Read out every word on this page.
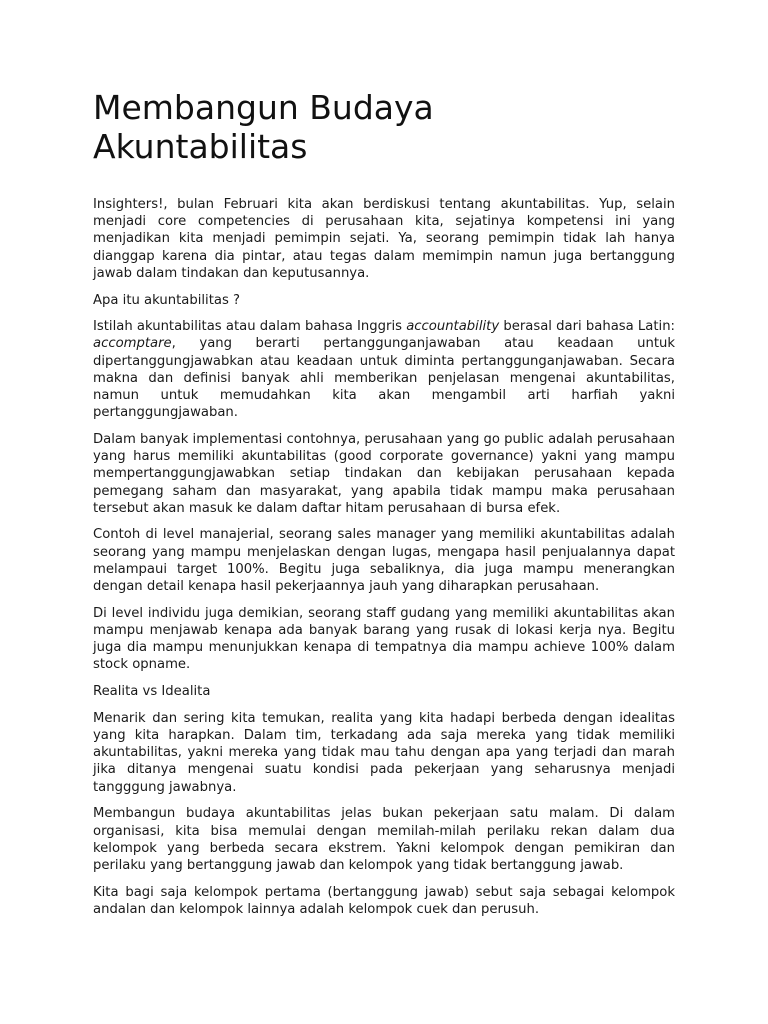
Membangun Budaya
Akuntabilitas

Insighters!, bulan Februari kita akan berdiskusi tentang akuntabilitas. Yup, selain menjadi core competencies di perusahaan kita, sejatinya kompetensi ini yang menjadikan kita menjadi pemimpin sejati. Ya, seorang pemimpin tidak lah hanya dianggap karena dia pintar, atau tegas dalam memimpin namun juga bertanggung jawab dalam tindakan dan keputusannya.

Apa itu akuntabilitas ?

Istilah akuntabilitas atau dalam bahasa Inggris accountability berasal dari bahasa Latin: accomptare, yang berarti pertanggunganjawaban atau keadaan untuk dipertanggungjawabkan atau keadaan untuk diminta pertanggunganjawaban. Secara makna dan definisi banyak ahli memberikan penjelasan mengenai akuntabilitas, namun untuk memudahkan kita akan mengambil arti harfiah yakni pertanggungjawaban.

Dalam banyak implementasi contohnya, perusahaan yang go public adalah perusahaan yang harus memiliki akuntabilitas (good corporate governance) yakni yang mampu mempertanggungjawabkan setiap tindakan dan kebijakan perusahaan kepada pemegang saham dan masyarakat, yang apabila tidak mampu maka perusahaan tersebut akan masuk ke dalam daftar hitam perusahaan di bursa efek.

Contoh di level manajerial, seorang sales manager yang memiliki akuntabilitas adalah seorang yang mampu menjelaskan dengan lugas, mengapa hasil penjualannya dapat melampaui target 100%. Begitu juga sebaliknya, dia juga mampu menerangkan dengan detail kenapa hasil pekerjaannya jauh yang diharapkan perusahaan.

Di level individu juga demikian, seorang staff gudang yang memiliki akuntabilitas akan mampu menjawab kenapa ada banyak barang yang rusak di lokasi kerja nya. Begitu juga dia mampu menunjukkan kenapa di tempatnya dia mampu achieve 100% dalam stock opname.

Realita vs Idealita

Menarik dan sering kita temukan, realita yang kita hadapi berbeda dengan idealitas yang kita harapkan. Dalam tim, terkadang ada saja mereka yang tidak memiliki akuntabilitas, yakni mereka yang tidak mau tahu dengan apa yang terjadi dan marah jika ditanya mengenai suatu kondisi pada pekerjaan yang seharusnya menjadi tangggung jawabnya.

Membangun budaya akuntabilitas jelas bukan pekerjaan satu malam. Di dalam organisasi, kita bisa memulai dengan memilah-milah perilaku rekan dalam dua kelompok yang berbeda secara ekstrem. Yakni kelompok dengan pemikiran dan perilaku yang bertanggung jawab dan kelompok yang tidak bertanggung jawab.

Kita bagi saja kelompok pertama (bertanggung jawab) sebut saja sebagai kelompok andalan dan kelompok lainnya adalah kelompok cuek dan perusuh.
